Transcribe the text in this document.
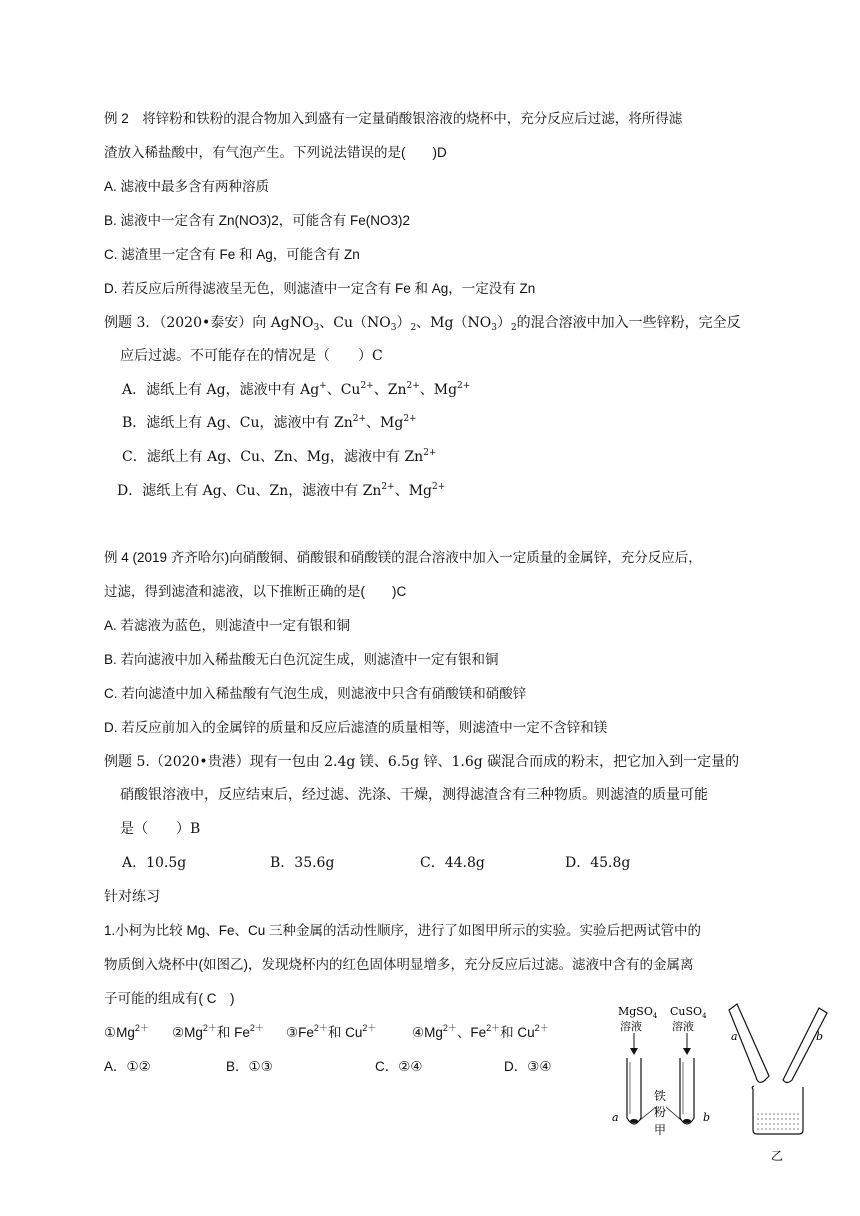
例 2　将锌粉和铁粉的混合物加入到盛有一定量硝酸银溶液的烧杯中，充分反应后过滤，将所得滤
渣放入稀盐酸中，有气泡产生。下列说法错误的是(　　)D
A. 滤液中最多含有两种溶质
B. 滤液中一定含有 Zn(NO3)2，可能含有 Fe(NO3)2
C. 滤渣里一定含有 Fe 和 Ag，可能含有 Zn
D. 若反应后所得滤液呈无色，则滤渣中一定含有 Fe 和 Ag，一定没有 Zn
例题 3．（2020•泰安）向 AgNO$_3$、$Cu(NO_3)_2$、$Mg(NO_3)_2$的混合溶液中加入一些锌粉，完全反
应后过滤。不可能存在的情况是（　　）C
A．滤纸上有 Ag，滤液中有 Ag+、$Cu^{2+}$、$Zn^{2+}$、$Mg^{2+}$
B．滤纸上有 Ag、Cu，滤液中有 $Zn^{2+}$、$Mg^{2+}$
C．滤纸上有 Ag、Cu、Zn、Mg，滤液中有 $Zn^{2+}$
D．滤纸上有 Ag、Cu、Zn，滤液中有 $Zn^{2+}$、$Mg^{2+}$
例 4 (2019 齐齐哈尔)向硝酸铜、硝酸银和硝酸镁的混合溶液中加入一定质量的金属锌，充分反应后，
过滤，得到滤渣和滤液，以下推断正确的是(　　)C
A. 若滤液为蓝色，则滤渣中一定有银和铜
B. 若向滤液中加入稀盐酸无白色沉淀生成，则滤渣中一定有银和铜
C. 若向滤渣中加入稀盐酸有气泡生成，则滤液中只含有硝酸镁和硝酸锌
D. 若反应前加入的金属锌的质量和反应后滤渣的质量相等，则滤渣中一定不含锌和镁
例题 5.（2020•贵港）现有一包由 2.4g 镁、6.5g 锌、1.6g 碳混合而成的粉末，把它加入到一定量的
硝酸银溶液中，反应结束后，经过滤、洗涤、干燥，测得滤渣含有三种物质。则滤渣的质量可能
是（　　）B
A．10.5g	B．35.6g	C．44.8g	D．45.8g
针对练习
1.小柯为比较 Mg、Fe、Cu 三种金属的活动性顺序，进行了如图甲所示的实验。实验后把两试管中的
物质倒入烧杯中(如图乙)，发现烧杯内的红色固体明显增多，充分反应后过滤。滤液中含有的金属离
子可能的组成有( C　)
$①Mg^{2+}$ $②Mg^{2+}$和 $Fe^{2+}$ $③Fe^{2+}$和 $Cu^{2+}$	$④Mg^{2+}$、$Fe^{2+}$和 $Cu^{2+}$
A．①②	B．①③	C．②④	D．③④
MgSO$_4$
溶液
CuSO$_4$
溶液
铁
粉
a	b
甲
a	b
乙
